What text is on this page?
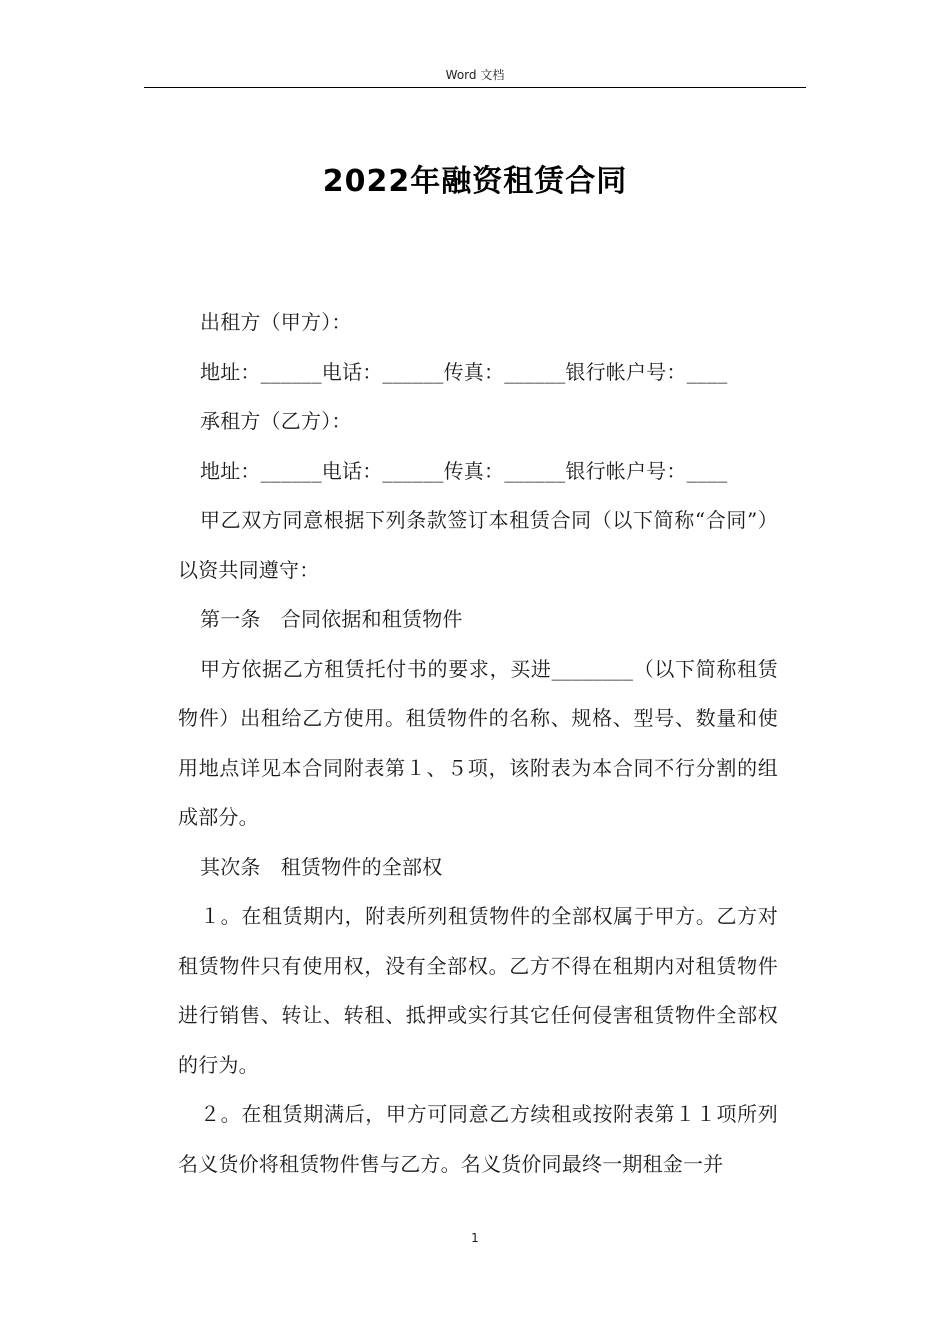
Word 文档
2022年融资租赁合同

出租方（甲方）：

地址：______电话：______传真：______银行帐户号：____

承租方（乙方）：

地址：______电话：______传真：______银行帐户号：____

甲乙双方同意根据下列条款签订本租赁合同（以下简称“合同”）以资共同遵守：

第一条　合同依据和租赁物件

甲方依据乙方租赁托付书的要求，买进________（以下简称租赁物件）出租给乙方使用。租赁物件的名称、规格、型号、数量和使用地点详见本合同附表第１、５项，该附表为本合同不行分割的组成部分。

其次条　租赁物件的全部权

１。在租赁期内，附表所列租赁物件的全部权属于甲方。乙方对租赁物件只有使用权，没有全部权。乙方不得在租期内对租赁物件进行销售、转让、转租、抵押或实行其它任何侵害租赁物件全部权的行为。

２。在租赁期满后，甲方可同意乙方续租或按附表第１１项所列名义货价将租赁物件售与乙方。名义货价同最终一期租金一并

1
